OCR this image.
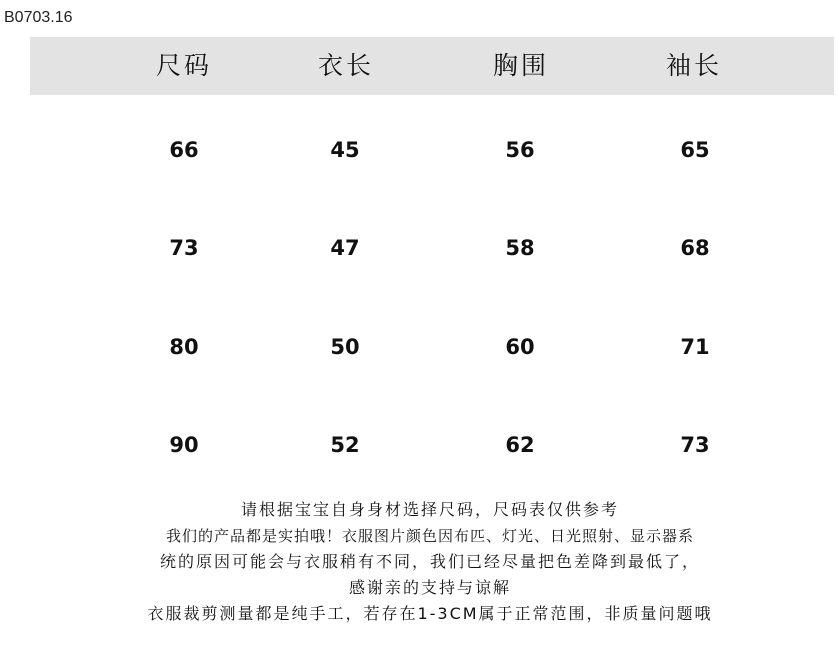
B0703.16
尺码	衣长	胸围	袖长
66	45	56	65
73	47	58	68
80	50	60	71
90	52	62	73
请根据宝宝自身身材选择尺码，尺码表仅供参考
我们的产品都是实拍哦！衣服图片颜色因布匹、灯光、日光照射、显示器系
统的原因可能会与衣服稍有不同，我们已经尽量把色差降到最低了，
感谢亲的支持与谅解
衣服裁剪测量都是纯手工，若存在1-3CM属于正常范围，非质量问题哦
